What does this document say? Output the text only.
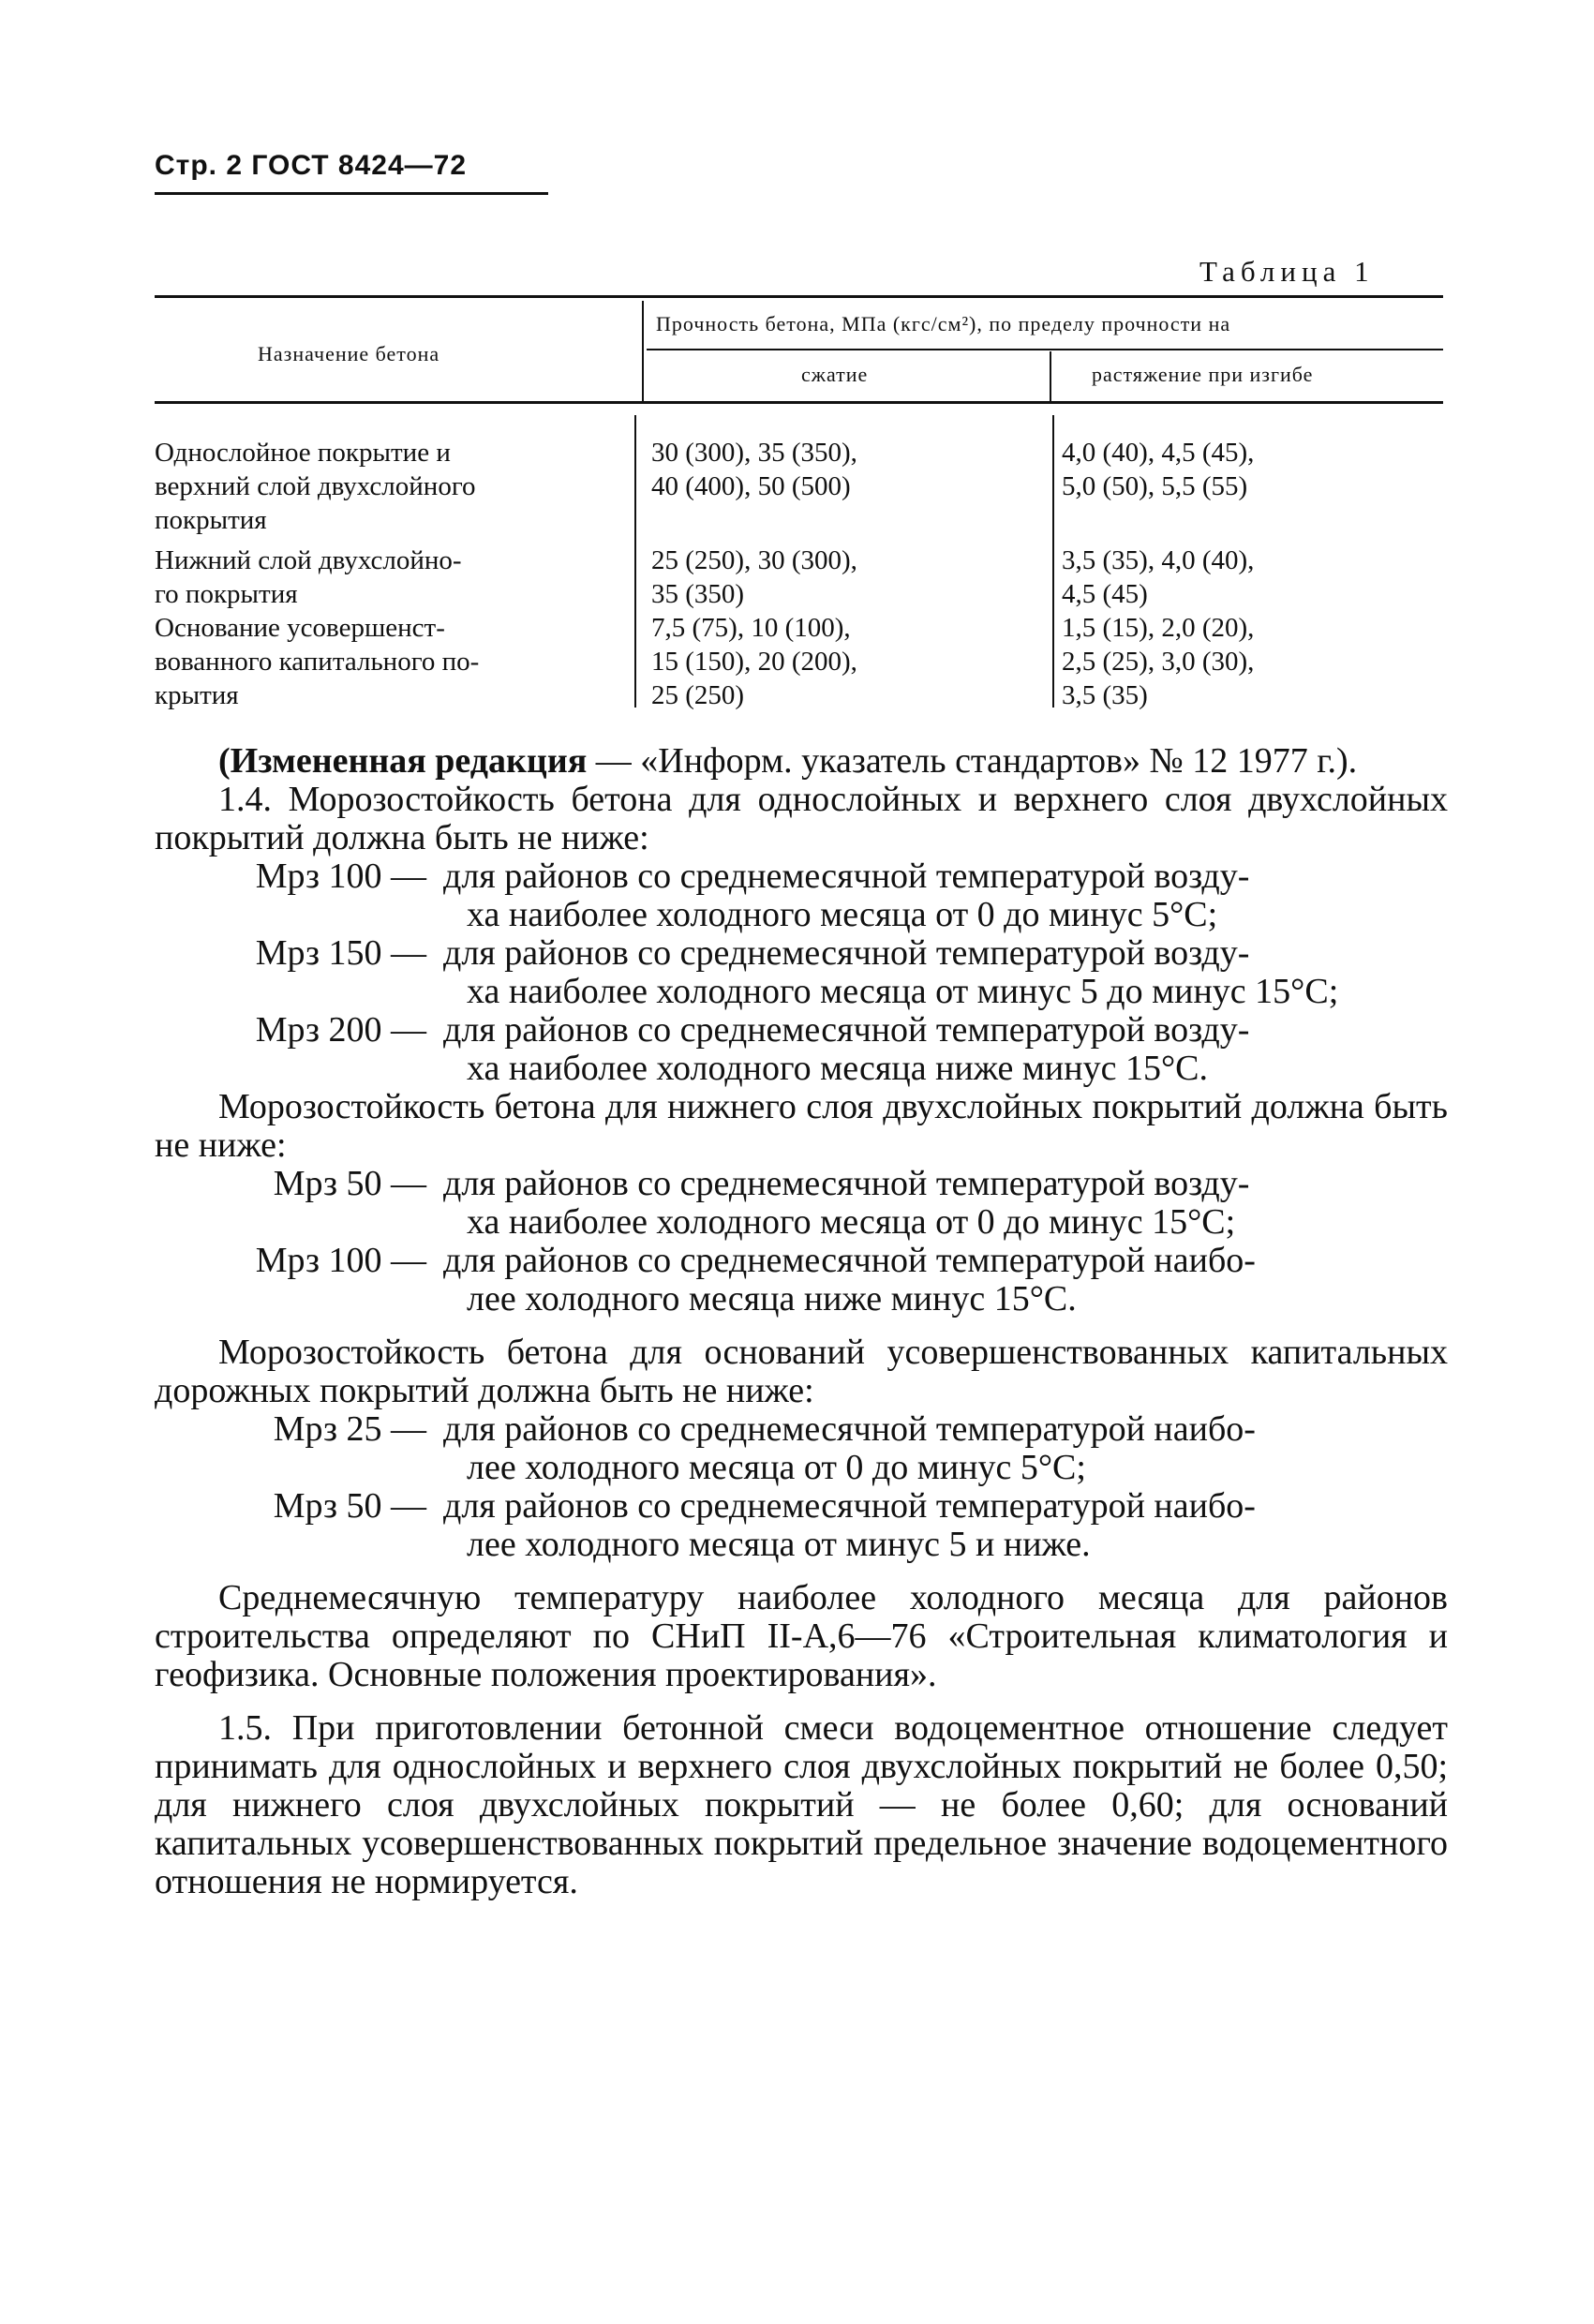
Стр. 2 ГОСТ 8424—72
Таблица 1
Назначение бетона
Прочность бетона, МПа (кгс/см²), по пределу прочности на
сжатие	растяжение при изгибе
Однослойное покрытие и
верхний слой двухслойного
покрытия
30 (300), 35 (350),
40 (400), 50 (500)
4,0 (40), 4,5 (45),
5,0 (50), 5,5 (55)
Нижний слой двухслойно-
го покрытия
25 (250), 30 (300),
35 (350)
3,5 (35), 4,0 (40),
4,5 (45)
Основание усовершенст-
вованного капитального по-
крытия
7,5 (75), 10 (100),
15 (150), 20 (200),
25 (250)
1,5 (15), 2,0 (20),
2,5 (25), 3,0 (30),
3,5 (35)

(Измененная редакция — «Информ. указатель стандартов» № 12 1977 г.).

1.4. Морозостойкость бетона для однослойных и верхнего слоя двухслойных покрытий должна быть не ниже:

Мрз 100 — для районов со среднемесячной температурой возду-
ха наиболее холодного месяца от 0 до минус 5°С;
Мрз 150 — для районов со среднемесячной температурой возду-
ха наиболее холодного месяца от минус 5 до минус 15°С;
Мрз 200 — для районов со среднемесячной температурой возду-
ха наиболее холодного месяца ниже минус 15°С.

Морозостойкость бетона для нижнего слоя двухслойных покрытий должна быть не ниже:

Мрз 50 — для районов со среднемесячной температурой возду-
ха наиболее холодного месяца от 0 до минус 15°С;
Мрз 100 — для районов со среднемесячной температурой наибо-
лее холодного месяца ниже минус 15°С.

Морозостойкость бетона для оснований усовершенствованных капитальных дорожных покрытий должна быть не ниже:

Мрз 25 — для районов со среднемесячной температурой наибо-
лее холодного месяца от 0 до минус 5°С;
Мрз 50 — для районов со среднемесячной температурой наибо-
лее холодного месяца от минус 5 и ниже.

Среднемесячную температуру наиболее холодного месяца для районов строительства определяют по СНиП II-А,6—76 «Строительная климатология и геофизика. Основные положения проектирования».

1.5. При приготовлении бетонной смеси водоцементное отношение следует принимать для однослойных и верхнего слоя двухслойных покрытий не более 0,50; для нижнего слоя двухслойных покрытий — не более 0,60; для оснований капитальных усовершенствованных покрытий предельное значение водоцементного отношения не нормируется.
